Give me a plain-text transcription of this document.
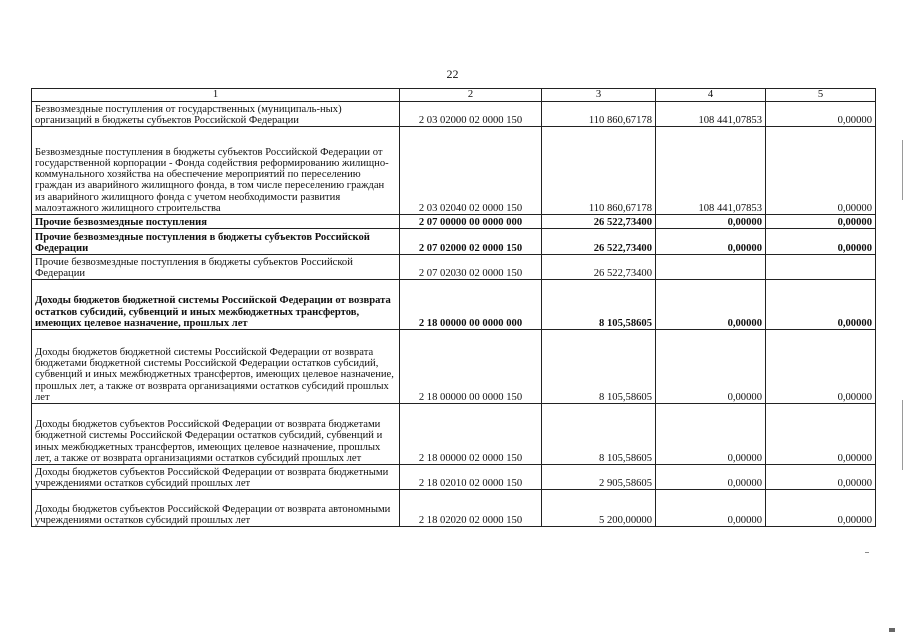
22
1	2	3	4	5
Безвозмездные поступления от государственных (муниципаль-ных) организаций в бюджеты субъектов Российской Федерации	2 03 02000 02 0000 150	110 860,67178	108 441,07853	0,00000
Безвозмездные поступления в бюджеты субъектов Российской Федерации от государственной корпорации - Фонда содействия реформированию жилищно-коммунального хозяйства на обеспечение мероприятий по переселению граждан из аварийного жилищного фонда, в том числе переселению граждан из аварийного жилищного фонда с учетом необходимости развития малоэтажного жилищного строительства	2 03 02040 02 0000 150	110 860,67178	108 441,07853	0,00000
Прочие безвозмездные поступления	2 07 00000 00 0000 000	26 522,73400	0,00000	0,00000
Прочие безвозмездные поступления в бюджеты субъектов Российской Федерации	2 07 02000 02 0000 150	26 522,73400	0,00000	0,00000
Прочие безвозмездные поступления в бюджеты субъектов Российской Федерации	2 07 02030 02 0000 150	26 522,73400		
Доходы бюджетов бюджетной системы Российской Федерации от возврата остатков субсидий, субвенций и иных межбюджетных трансфертов, имеющих целевое назначение, прошлых лет	2 18 00000 00 0000 000	8 105,58605	0,00000	0,00000
Доходы бюджетов бюджетной системы Российской Федерации от возврата бюджетами бюджетной системы Российской Федерации остатков субсидий, субвенций и иных межбюджетных трансфертов, имеющих целевое назначение, прошлых лет, а также от возврата организациями остатков субсидий прошлых лет	2 18 00000 00 0000 150	8 105,58605	0,00000	0,00000
Доходы бюджетов субъектов Российской Федерации от возврата бюджетами бюджетной системы Российской Федерации остатков субсидий, субвенций и иных межбюджетных трансфертов, имеющих целевое назначение, прошлых лет, а также от возврата организациями остатков субсидий прошлых лет	2 18 00000 02 0000 150	8 105,58605	0,00000	0,00000
Доходы бюджетов субъектов Российской Федерации от возврата бюджетными учреждениями остатков субсидий прошлых лет	2 18 02010 02 0000 150	2 905,58605	0,00000	0,00000
Доходы бюджетов субъектов Российской Федерации от возврата автономными учреждениями остатков субсидий прошлых лет	2 18 02020 02 0000 150	5 200,00000	0,00000	0,00000
